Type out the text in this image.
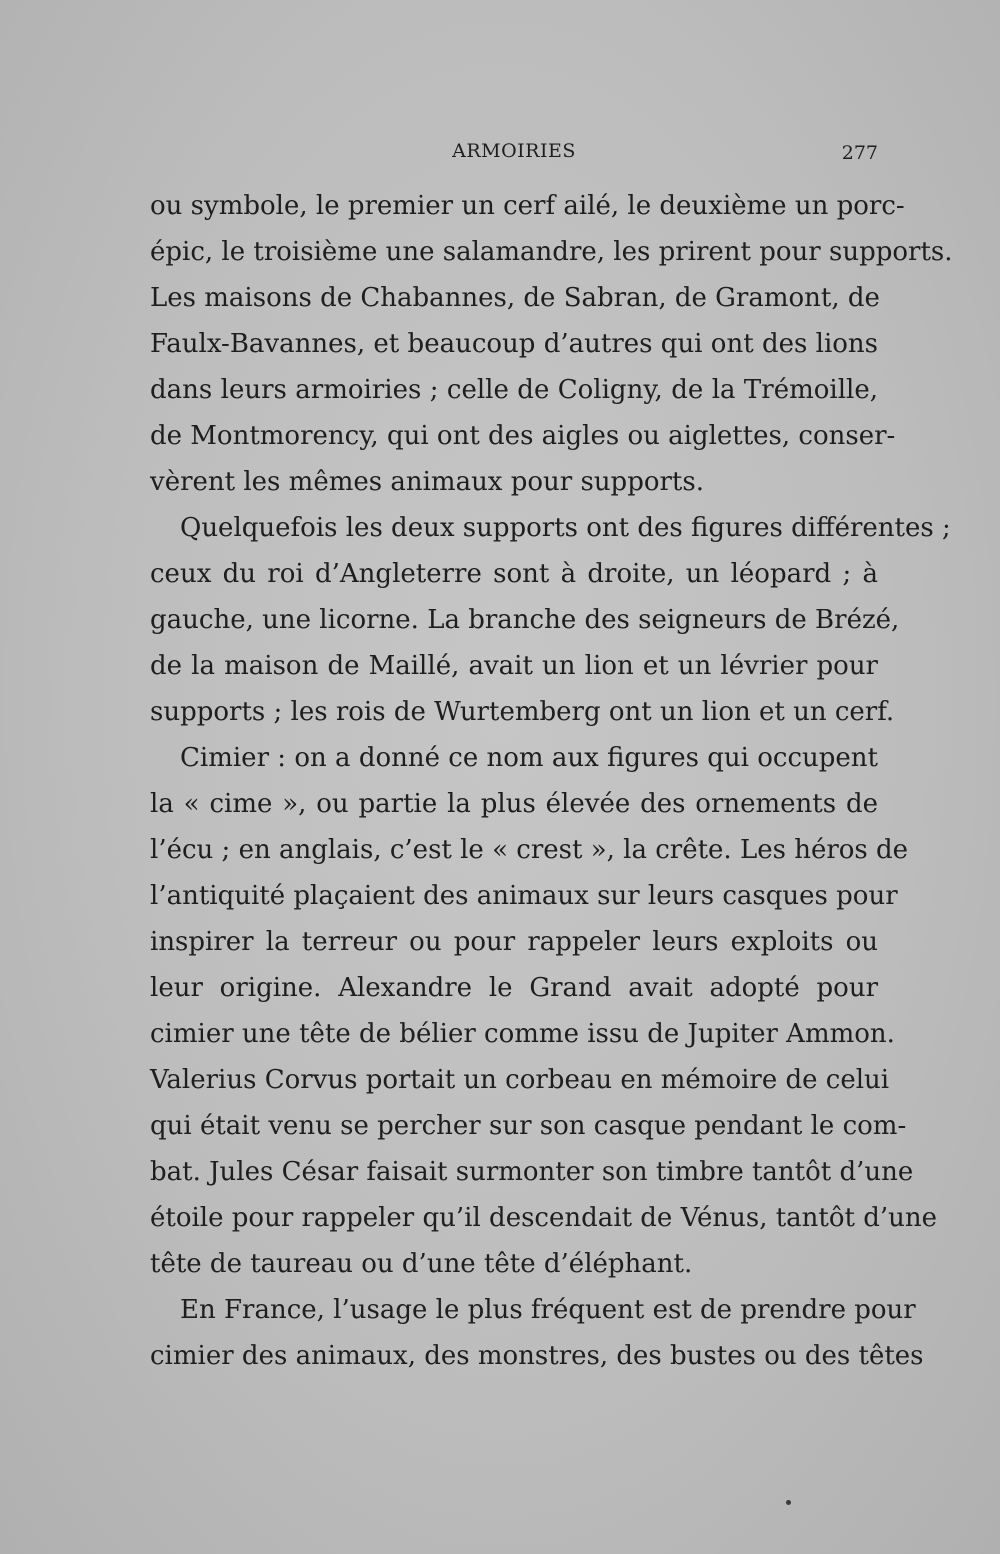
ARMOIRIES	277
ou symbole, le premier un cerf ailé, le deuxième un porc-
épic, le troisième une salamandre, les prirent pour supports.
Les maisons de Chabannes, de Sabran, de Gramont, de
Faulx-Bavannes, et beaucoup d’autres qui ont des lions
dans leurs armoiries ; celle de Coligny, de la Trémoille,
de Montmorency, qui ont des aigles ou aiglettes, conser-
vèrent les mêmes animaux pour supports.
Quelquefois les deux supports ont des figures différentes ;
ceux du roi d’Angleterre sont à droite, un léopard ; à
gauche, une licorne. La branche des seigneurs de Brézé,
de la maison de Maillé, avait un lion et un lévrier pour
supports ; les rois de Wurtemberg ont un lion et un cerf.
Cimier : on a donné ce nom aux figures qui occupent
la « cime », ou partie la plus élevée des ornements de
l’écu ; en anglais, c’est le « crest », la crête. Les héros de
l’antiquité plaçaient des animaux sur leurs casques pour
inspirer la terreur ou pour rappeler leurs exploits ou
leur origine. Alexandre le Grand avait adopté pour
cimier une tête de bélier comme issu de Jupiter Ammon.
Valerius Corvus portait un corbeau en mémoire de celui
qui était venu se percher sur son casque pendant le com-
bat. Jules César faisait surmonter son timbre tantôt d’une
étoile pour rappeler qu’il descendait de Vénus, tantôt d’une
tête de taureau ou d’une tête d’éléphant.
En France, l’usage le plus fréquent est de prendre pour
cimier des animaux, des monstres, des bustes ou des têtes
